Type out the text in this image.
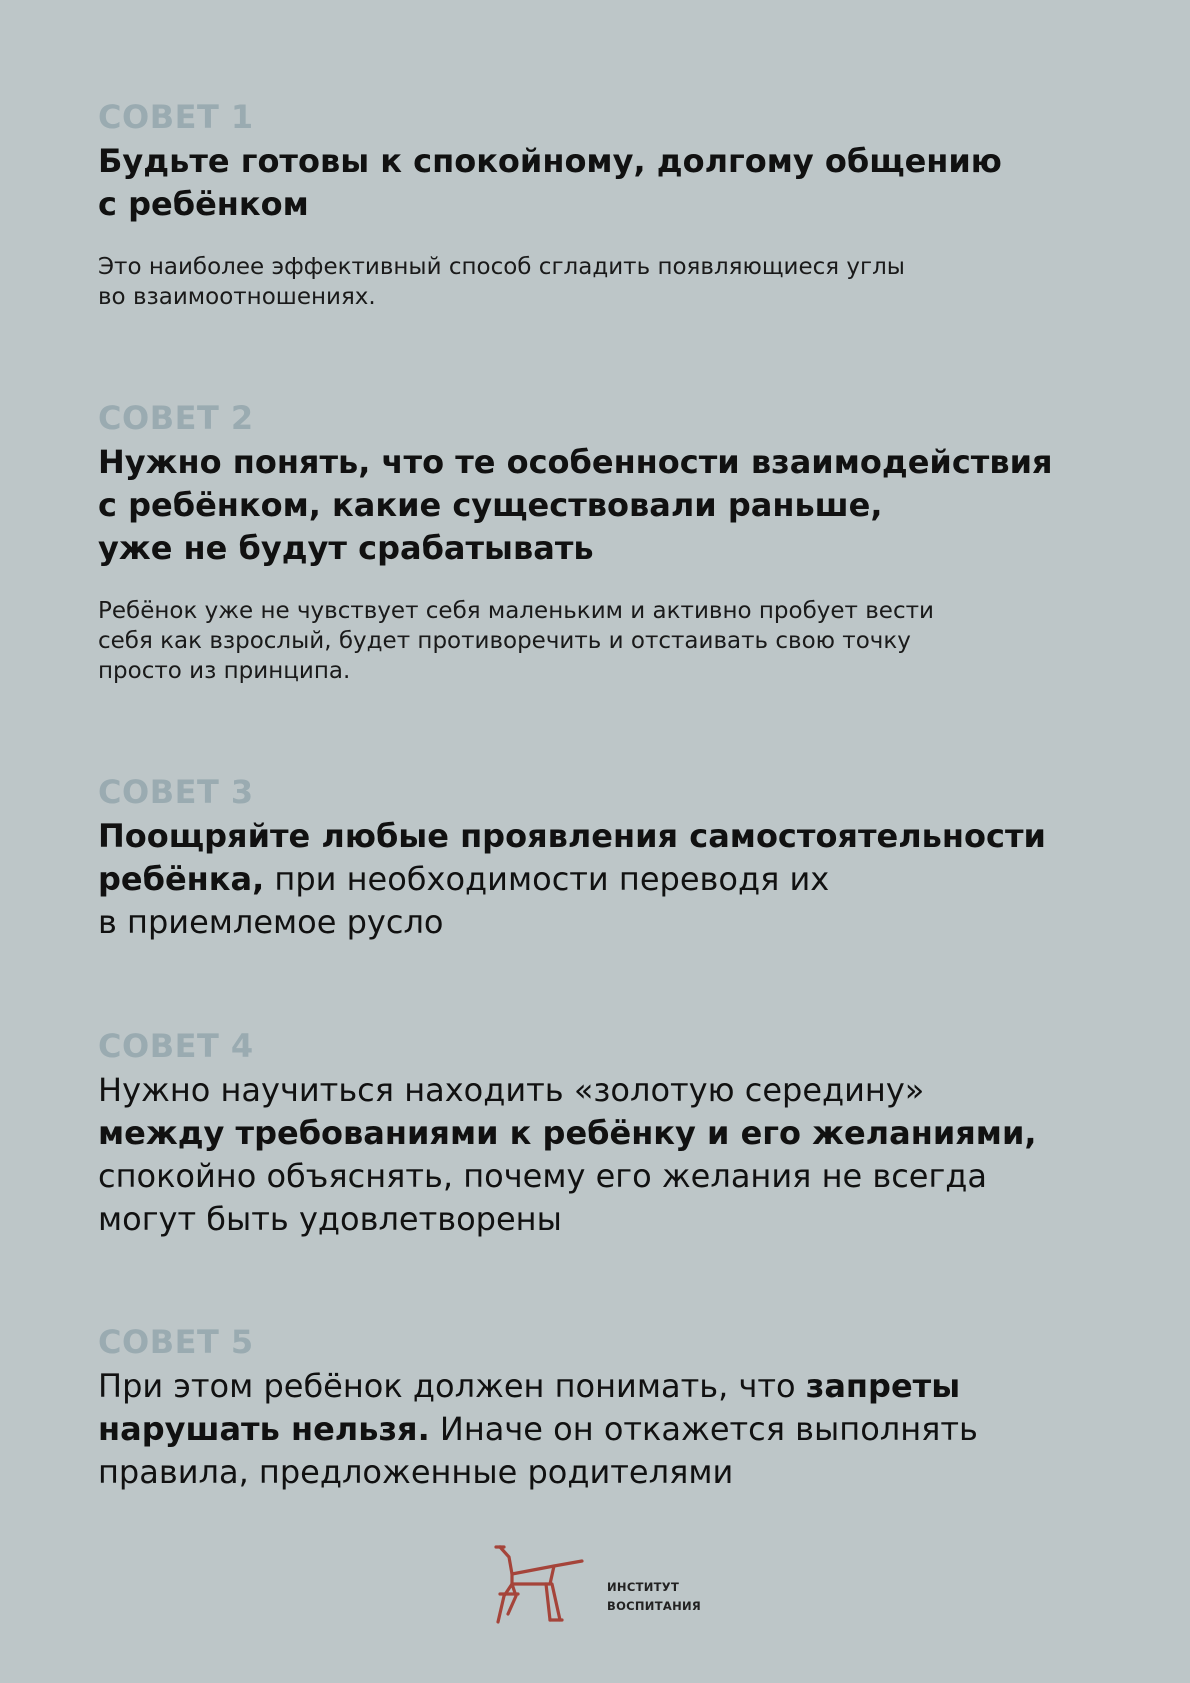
СОВЕТ 1

Будьте готовы к спокойному, долгому общению
с ребёнком

Это наиболее эффективный способ сгладить появляющиеся углы
во взаимоотношениях.

СОВЕТ 2

Нужно понять, что те особенности взаимодействия
с ребёнком, какие существовали раньше,
уже не будут срабатывать

Ребёнок уже не чувствует себя маленьким и активно пробует вести
себя как взрослый, будет противоречить и отстаивать свою точку
просто из принципа.

СОВЕТ 3

Поощряйте любые проявления самостоятельности
ребёнка, при необходимости переводя их
в приемлемое русло

СОВЕТ 4

Нужно научиться находить «золотую середину»
между требованиями к ребёнку и его желаниями,
спокойно объяснять, почему его желания не всегда
могут быть удовлетворены

СОВЕТ 5

При этом ребёнок должен понимать, что запреты
нарушать нельзя. Иначе он откажется выполнять
правила, предложенные родителями
ИНСТИТУТ
ВОСПИТАНИЯ
